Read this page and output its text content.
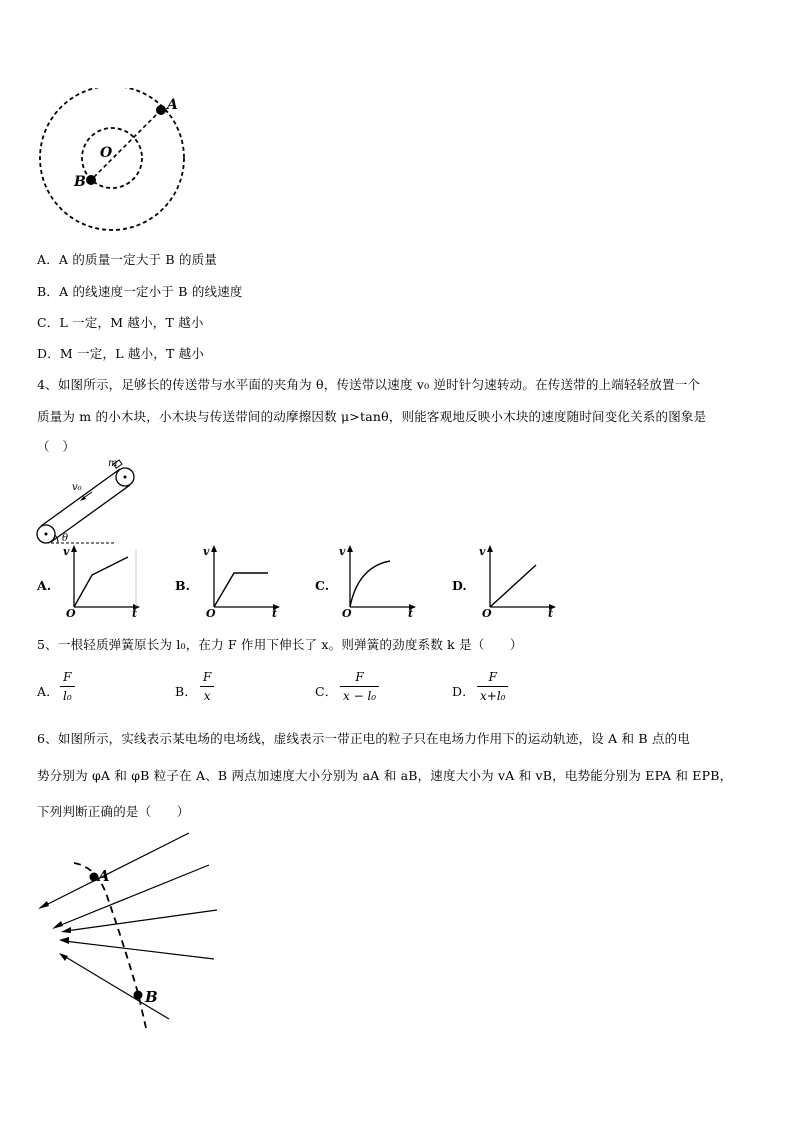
A
O
B
A．A 的质量一定大于 B 的质量
B．A 的线速度一定小于 B 的线速度
C．L 一定，M 越小，T 越小
D．M 一定，L 越小，T 越小
4、如图所示，足够长的传送带与水平面的夹角为 θ，传送带以速度 v₀ 逆时针匀速转动。在传送带的上端轻轻放置一个
质量为 m 的小木块，小木块与传送带间的动摩擦因数 μ>tanθ，则能客观地反映小木块的速度随时间变化关系的图象是
（　）
m
v₀
θ
A.	B.	C.	D.
v
O	t
v
O	t
v
O	t
v
O	t
5、一根轻质弹簧原长为 l₀，在力 F 作用下伸长了 x。则弹簧的劲度系数 k 是（　　）
A．
F
l₀	B．
F
x	C．
F
x − l₀	D．
F
x+l₀
6、如图所示，实线表示某电场的电场线，虚线表示一带正电的粒子只在电场力作用下的运动轨迹，设 A 和 B 点的电
势分别为 φA 和 φB 粒子在 A、B 两点加速度大小分别为 aA 和 aB，速度大小为 vA 和 vB，电势能分别为 EPA 和 EPB，
下列判断正确的是（　　）
A
B
